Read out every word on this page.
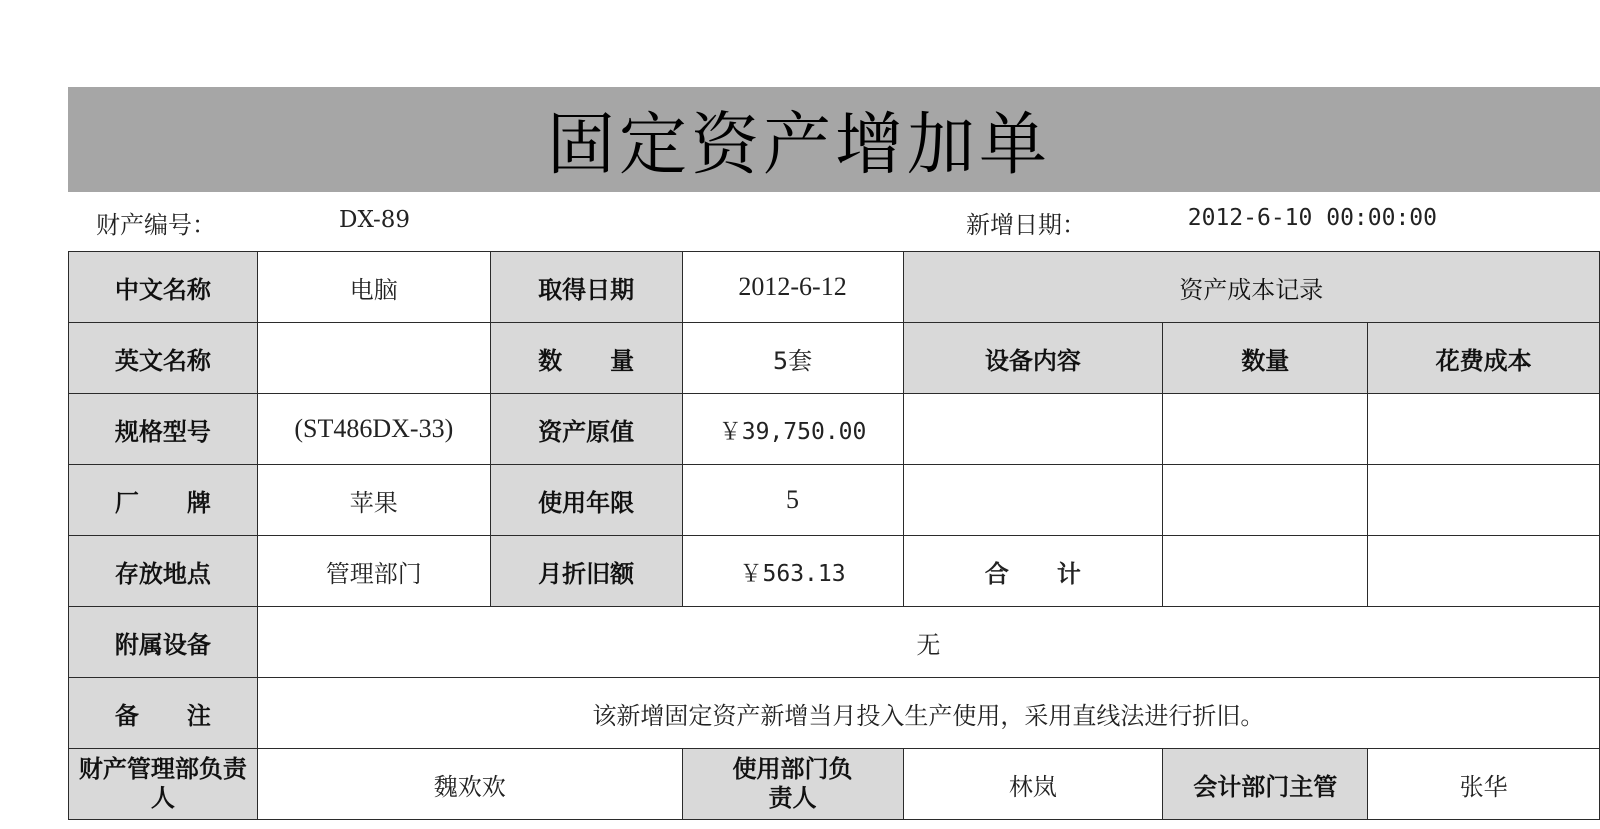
固定资产增加单
财产编号：	DX-89	新增日期：	2012-6-10 00:00:00
中文名称	电脑	取得日期	2012-6-12	资产成本记录		
英文名称		数　　量	5套	设备内容	数量	花费成本
规格型号	(ST486DX-33)	资产原值	￥39,750.00			
厂　　牌	苹果	使用年限	5			
存放地点	管理部门	月折旧额	￥563.13	合　　计		
附属设备	无					
备　　注	该新增固定资产新增当月投入生产使用，采用直线法进行折旧。					
财产管理部负责人	魏欢欢		使用部门负责人	林岚	会计部门主管	张华
